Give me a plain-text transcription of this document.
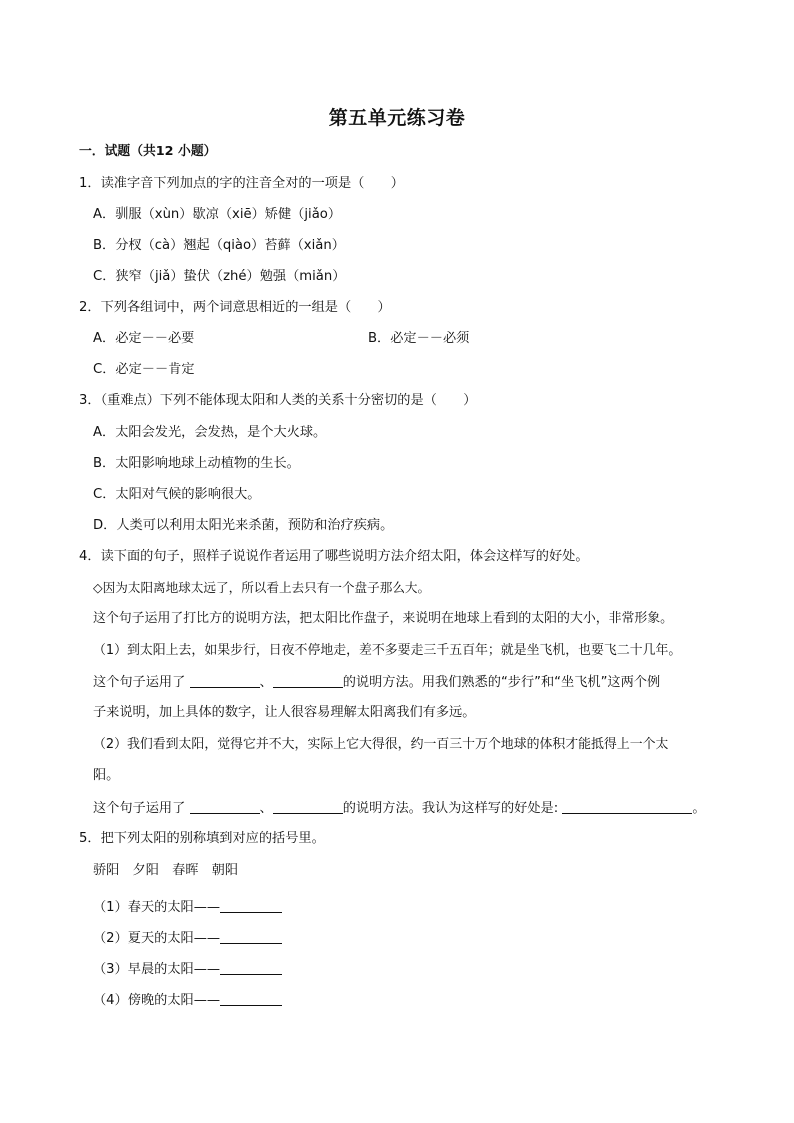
第五单元练习卷
一．试题（共12 小题）
1．读准字音下列加点的字的注音全对的一项是（　　）
A．驯服（xùn）歇凉（xiē）矫健（jiǎo）
B．分杈（cà）翘起（qiào）苔藓（xiǎn）
C．狭窄（jiǎ）蛰伏（zhé）勉强（miǎn）
2．下列各组词中，两个词意思相近的一组是（　　）
A．必定－－必要	B．必定－－必须
C．必定－－肯定
3．（重难点）下列不能体现太阳和人类的关系十分密切的是（　　）
A．太阳会发光，会发热，是个大火球。
B．太阳影响地球上动植物的生长。
C．太阳对气候的影响很大。
D．人类可以利用太阳光来杀菌，预防和治疗疾病。
4．读下面的句子，照样子说说作者运用了哪些说明方法介绍太阳，体会这样写的好处。
◇因为太阳离地球太远了，所以看上去只有一个盘子那么大。
这个句子运用了打比方的说明方法，把太阳比作盘子，来说明在地球上看到的太阳的大小，非常形象。
（1）到太阳上去，如果步行，日夜不停地走，差不多要走三千五百年；就是坐飞机，也要飞二十几年。
这个句子运用了	、	的说明方法。用我们熟悉的“步行”和“坐飞机”这两个例
子来说明，加上具体的数字，让人很容易理解太阳离我们有多远。
（2）我们看到太阳，觉得它并不大，实际上它大得很，约一百三十万个地球的体积才能抵得上一个太
阳。
这个句子运用了	、	的说明方法。我认为这样写的好处是:	。
5．把下列太阳的别称填到对应的括号里。
骄阳　夕阳　春晖　朝阳
（1）春天的太阳——
（2）夏天的太阳——
（3）早晨的太阳——
（4）傍晚的太阳——
